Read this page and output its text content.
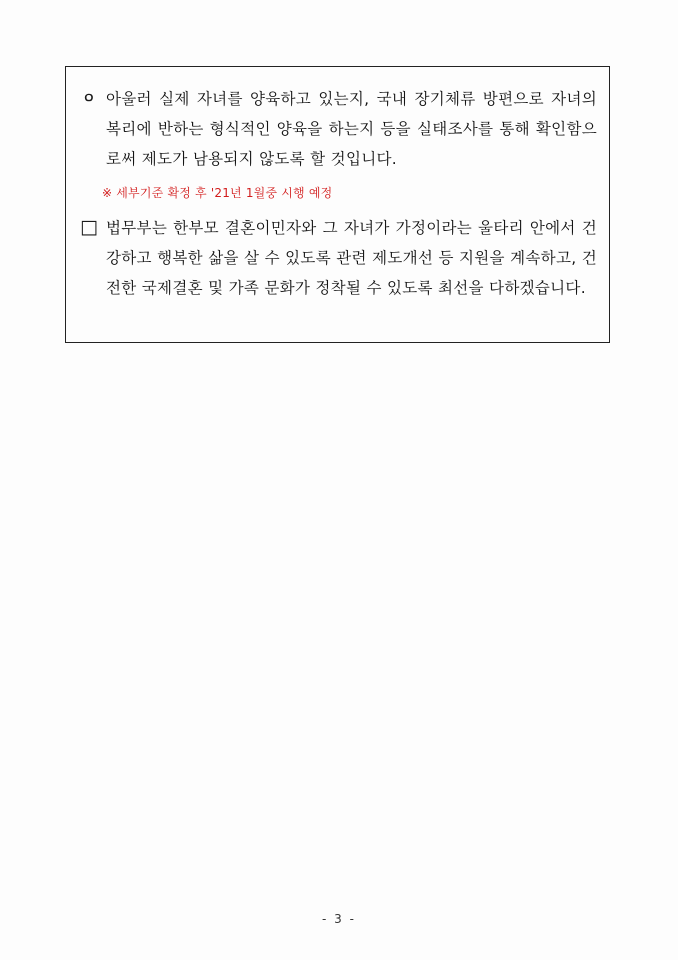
ㅇ 아울러 실제 자녀를 양육하고 있는지, 국내 장기체류 방편으로 자녀의 복리에 반하는 형식적인 양육을 하는지 등을 실태조사를 통해 확인함으로써 제도가 남용되지 않도록 할 것입니다.
※ 세부기준 확정 후 '21년 1월중 시행 예정
□ 법무부는 한부모 결혼이민자와 그 자녀가 가정이라는 울타리 안에서 건강하고 행복한 삶을 살 수 있도록 관련 제도개선 등 지원을 계속하고, 건전한 국제결혼 및 가족 문화가 정착될 수 있도록 최선을 다하겠습니다.
- 3 -
